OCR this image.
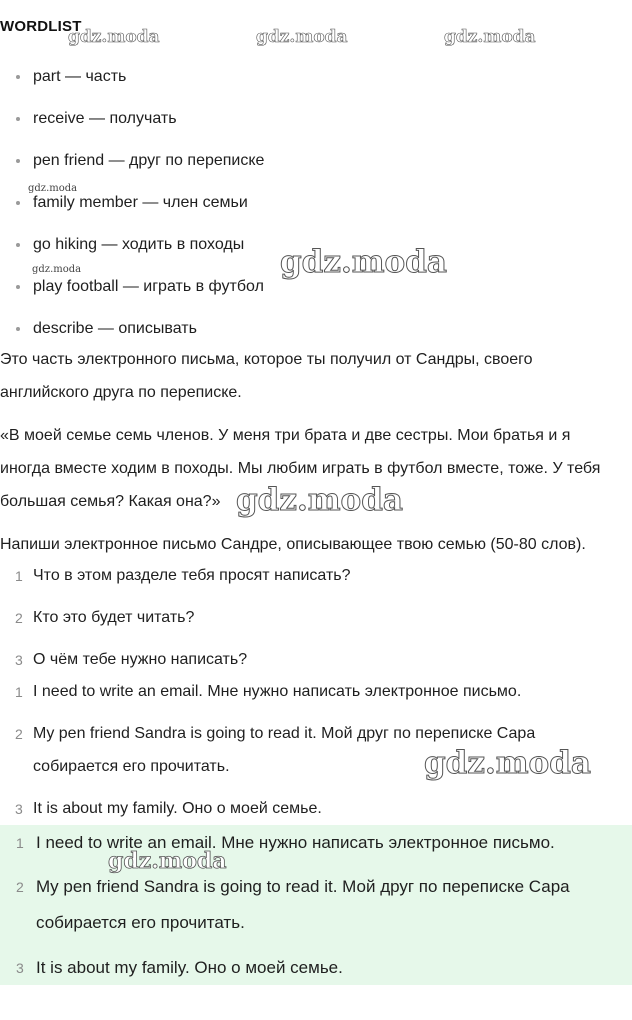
WORDLIST
part — часть
receive — получать
pen friend — друг по переписке
family member — член семьи
go hiking — ходить в походы
play football — играть в футбол
describe — описывать
Это часть электронного письма, которое ты получил от Сандры, своего
английского друга по переписке.
«В моей семье семь членов. У меня три брата и две сестры. Мои братья и я
иногда вместе ходим в походы. Мы любим играть в футбол вместе, тоже. У тебя
большая семья? Какая она?»
Напиши электронное письмо Сандре, описывающее твою семью (50-80 слов).
1 Что в этом разделе тебя просят написать?
2 Кто это будет читать?
3 О чём тебе нужно написать?
1 I need to write an email. Мне нужно написать электронное письмо.
2 My pen friend Sandra is going to read it. Мой друг по переписке Сара
собирается его прочитать.
3 It is about my family. Оно о моей семье.
1 I need to write an email. Мне нужно написать электронное письмо.
2 My pen friend Sandra is going to read it. Мой друг по переписке Сара
собирается его прочитать.
3 It is about my family. Оно о моей семье.
gdz.moda	gdz.moda	gdz.moda
gdz.moda
gdz.moda	gdz.moda
gdz.moda
gdz.moda
gdz.moda
